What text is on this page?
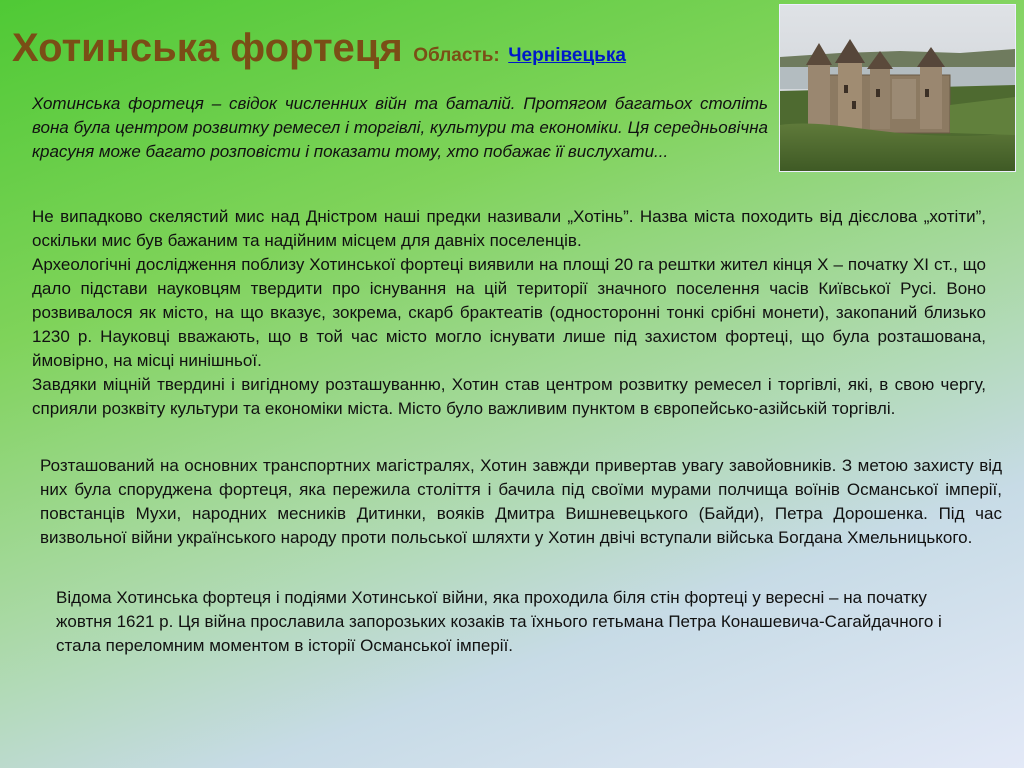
Хотинська фортеця Область: Чернівецька
Хотинська фортеця – свідок численних війн та баталій. Протягом багатьох століть вона була центром розвитку ремесел і торгівлі, культури та економіки. Ця середньовічна красуня може багато розповісти і показати тому, хто побажає її вислухати...

Не випадково скелястий мис над Дністром наші предки називали „Хотінь”. Назва міста походить від дієслова „хотіти”, оскільки мис був бажаним та надійним місцем для давніх поселенців.

Археологічні дослідження поблизу Хотинської фортеці виявили на площі 20 га рештки жител кінця Х – початку ХІ ст., що дало підстави науковцям твердити про існування на цій території значного поселення часів Київської Русі. Воно розвивалося як місто, на що вказує, зокрема, скарб брактеатів (односторонні тонкі срібні монети), закопаний близько 1230 р. Науковці вважають, що в той час місто могло існувати лише під захистом фортеці, що була розташована, ймовірно, на місці нинішньої.

Завдяки міцній твердині і вигідному розташуванню, Хотин став центром розвитку ремесел і торгівлі, які, в свою чергу, сприяли розквіту культури та економіки міста. Місто було важливим пунктом в європейсько-азійській торгівлі.

Розташований на основних транспортних магістралях, Хотин завжди привертав увагу завойовників. З метою захисту від них була споруджена фортеця, яка пережила століття і бачила під своїми мурами полчища воїнів Османської імперії, повстанців Мухи, народних месників Дитинки, вояків Дмитра Вишневецького (Байди), Петра Дорошенка. Під час визвольної війни українського народу проти польської шляхти у Хотин двічі вступали війська Богдана Хмельницького.

Відома Хотинська фортеця і подіями Хотинської війни, яка проходила біля стін фортеці у вересні – на початку жовтня 1621 р. Ця війна прославила запорозьких козаків та їхнього гетьмана Петра Конашевича-Сагайдачного і стала переломним моментом в історії Османської імперії.
